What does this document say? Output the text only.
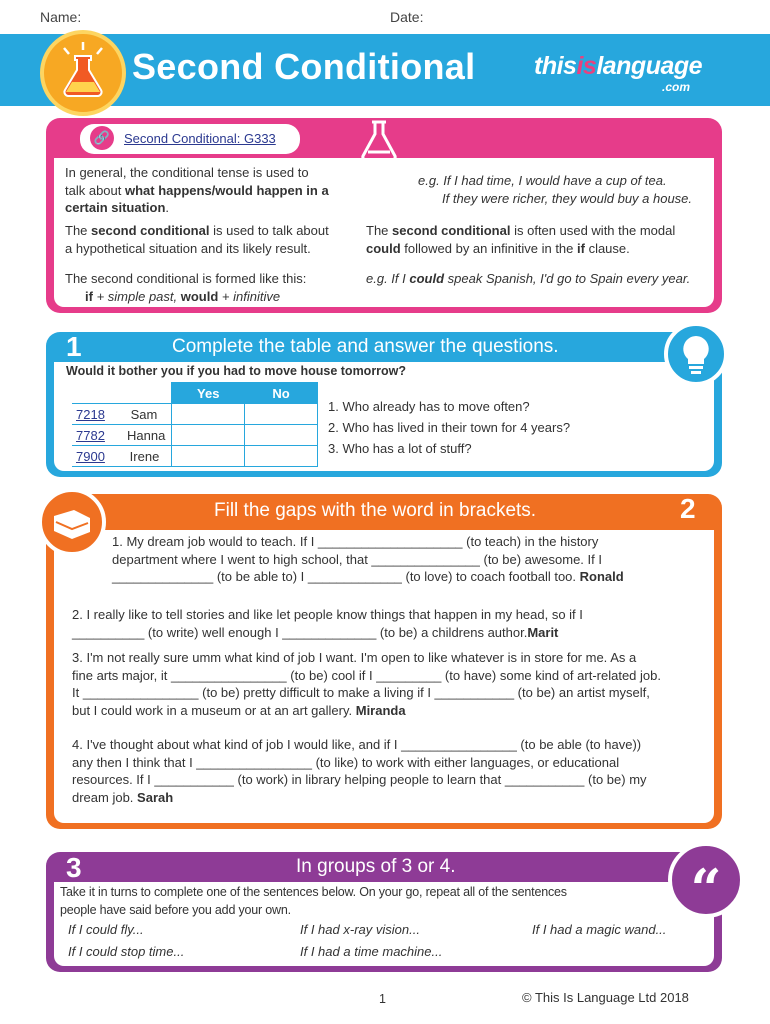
Name:	Date:
Second Conditional thisislanguage
.com
🔗	Second Conditional: G333
In general, the conditional tense is used to
talk about what happens/would happen in a
certain situation.
e.g. If I had time, I would have a cup of tea.
If they were richer, they would buy a house.
The second conditional is used to talk about
a hypothetical situation and its likely result.
The second conditional is often used with the modal
could followed by an infinitive in the if clause.
The second conditional is formed like this:
if + simple past, would + infinitive
e.g. If I could speak Spanish, I'd go to Spain every year.
1	Complete the table and answer the questions.
Would it bother you if you had to move house tomorrow?
	Yes	No
7218 Sam		

7782 Hanna		

7900 Irene		

1. Who already has to move often?
2. Who has lived in their town for 4 years?
3. Who has a lot of stuff?
Fill the gaps with the word in brackets.	2
1. My dream job would to teach. If I ____________________ (to teach) in the history
department where I went to high school, that _______________ (to be) awesome. If I
______________ (to be able to) I _____________ (to love) to coach football too. Ronald
2. I really like to tell stories and like let people know things that happen in my head, so if I
__________ (to write) well enough I _____________ (to be) a childrens author.Marit
3. I'm not really sure umm what kind of job I want. I'm open to like whatever is in store for me. As a
fine arts major, it ________________ (to be) cool if I _________ (to have) some kind of art-related job.
It ________________ (to be) pretty difficult to make a living if I ___________ (to be) an artist myself,
but I could work in a museum or at an art gallery. Miranda
4. I've thought about what kind of job I would like, and if I ________________ (to be able (to have))
any then I think that I ________________ (to like) to work with either languages, or educational
resources. If I ___________ (to work) in library helping people to learn that ___________ (to be) my
dream job. Sarah
3	In groups of 3 or 4.	“
Take it in turns to complete one of the sentences below. On your go, repeat all of the sentences
people have said before you add your own.
If I could fly...	If I had x-ray vision...	If I had a magic wand...
If I could stop time...	If I had a time machine...
1	© This Is Language Ltd 2018
